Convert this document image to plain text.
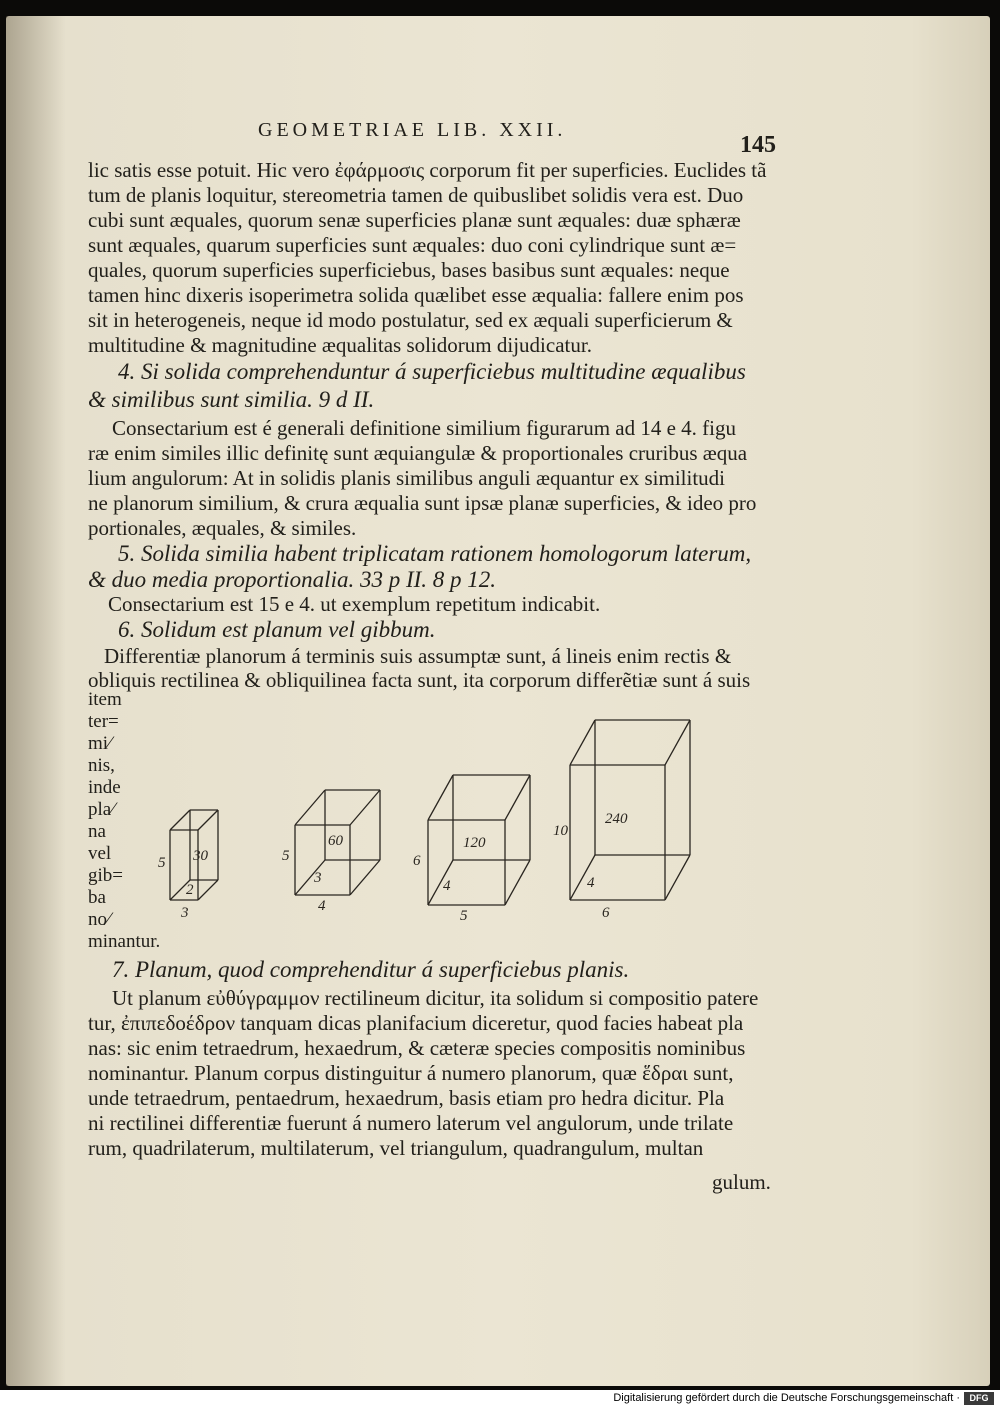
GEOMETRIAE LIB. XXII.
145
lic satis esse potuit. Hic vero ἐφάρμοσις corporum fit per superficies. Euclides tã
tum de planis loquitur, stereometria tamen de quibuslibet solidis vera est. Duo
cubi sunt æquales, quorum senæ superficies planæ sunt æquales: duæ sphæræ
sunt æquales, quarum superficies sunt æquales: duo coni cylindrique sunt æ=
quales, quorum superficies superficiebus, bases basibus sunt æquales: neque
tamen hinc dixeris isoperimetra solida quælibet esse æqualia: fallere enim pos
sit in heterogeneis, neque id modo postulatur, sed ex æquali superficierum &
multitudine & magnitudine æqualitas solidorum dijudicatur.
4. Si solida comprehenduntur á superficiebus multitudine æqualibus
& similibus sunt similia. 9 d II.
Consectarium est é generali definitione similium figurarum ad 14 e 4. figu
ræ enim similes illic definitę sunt æquiangulæ & proportionales cruribus æqua
lium angulorum: At in solidis planis similibus anguli æquantur ex similitudi
ne planorum similium, & crura æqualia sunt ipsæ planæ superficies, & ideo pro
portionales, æquales, & similes.
5. Solida similia habent triplicatam rationem homologorum laterum,
& duo media proportionalia. 33 p II. 8 p 12.
Consectarium est 15 e 4. ut exemplum repetitum indicabit.
6. Solidum est planum vel gibbum.
Differentiæ planorum á terminis suis assumptæ sunt, á lineis enim rectis &
obliquis rectilinea & obliquilinea facta sunt, ita corporum differẽtiæ sunt á suis
item
ter=
mi⁄
nis,
inde
pla⁄
na
vel
gib=
ba
no⁄
minantur.
30
5
3
2
60
5
4
3
120
6
5
4
240
10
6
4
7. Planum, quod comprehenditur á superficiebus planis.
Ut planum εὐθύγραμμον rectilineum dicitur, ita solidum si compositio patere
tur, ἐπιπεδοέδρον tanquam dicas planifacium diceretur, quod facies habeat pla
nas: sic enim tetraedrum, hexaedrum, & cæteræ species compositis nominibus
nominantur. Planum corpus distinguitur á numero planorum, quæ ἕδραι sunt,
unde tetraedrum, pentaedrum, hexaedrum, basis etiam pro hedra dicitur. Pla
ni rectilinei differentiæ fuerunt á numero laterum vel angulorum, unde trilate
rum, quadrilaterum, multilaterum, vel triangulum, quadrangulum, multan
gulum.
Digitalisierung gefördert durch die Deutsche Forschungsgemeinschaft ·	DFG
